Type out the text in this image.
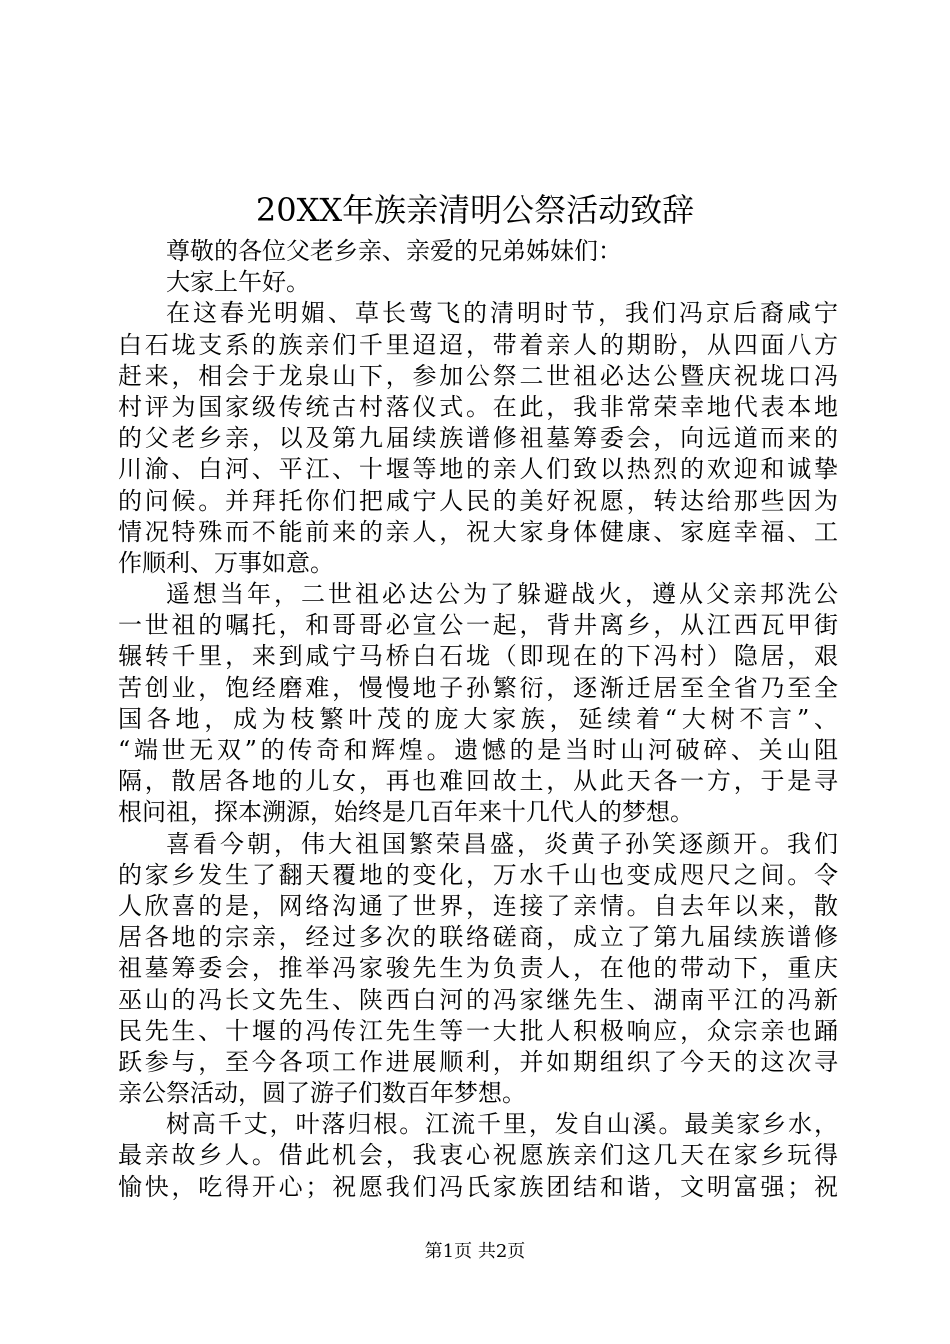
20XX年族亲清明公祭活动致辞
尊敬的各位父老乡亲、亲爱的兄弟姊妹们：
大家上午好。
在这春光明媚、草长莺飞的清明时节，我们冯京后裔咸宁
白石垅支系的族亲们千里迢迢，带着亲人的期盼，从四面八方
赶来，相会于龙泉山下，参加公祭二世祖必达公暨庆祝垅口冯
村评为国家级传统古村落仪式。在此，我非常荣幸地代表本地
的父老乡亲，以及第九届续族谱修祖墓筹委会，向远道而来的
川渝、白河、平江、十堰等地的亲人们致以热烈的欢迎和诚挚
的问候。并拜托你们把咸宁人民的美好祝愿，转达给那些因为
情况特殊而不能前来的亲人，祝大家身体健康、家庭幸福、工
作顺利、万事如意。
遥想当年，二世祖必达公为了躲避战火，遵从父亲邦洗公
一世祖的嘱托，和哥哥必宣公一起，背井离乡，从江西瓦甲街
辗转千里，来到咸宁马桥白石垅（即现在的下冯村）隐居，艰
苦创业，饱经磨难，慢慢地子孙繁衍，逐渐迁居至全省乃至全
国各地，成为枝繁叶茂的庞大家族，延续着“大树不言”、
“端世无双”的传奇和辉煌。遗憾的是当时山河破碎、关山阻
隔，散居各地的儿女，再也难回故土，从此天各一方，于是寻
根问祖，探本溯源，始终是几百年来十几代人的梦想。
喜看今朝，伟大祖国繁荣昌盛，炎黄子孙笑逐颜开。我们
的家乡发生了翻天覆地的变化，万水千山也变成咫尺之间。令
人欣喜的是，网络沟通了世界，连接了亲情。自去年以来，散
居各地的宗亲，经过多次的联络磋商，成立了第九届续族谱修
祖墓筹委会，推举冯家骏先生为负责人，在他的带动下，重庆
巫山的冯长文先生、陕西白河的冯家继先生、湖南平江的冯新
民先生、十堰的冯传江先生等一大批人积极响应，众宗亲也踊
跃参与，至今各项工作进展顺利，并如期组织了今天的这次寻
亲公祭活动，圆了游子们数百年梦想。
树高千丈，叶落归根。江流千里，发自山溪。最美家乡水，
最亲故乡人。借此机会，我衷心祝愿族亲们这几天在家乡玩得
愉快，吃得开心；祝愿我们冯氏家族团结和谐，文明富强；祝
第1页 共2页
